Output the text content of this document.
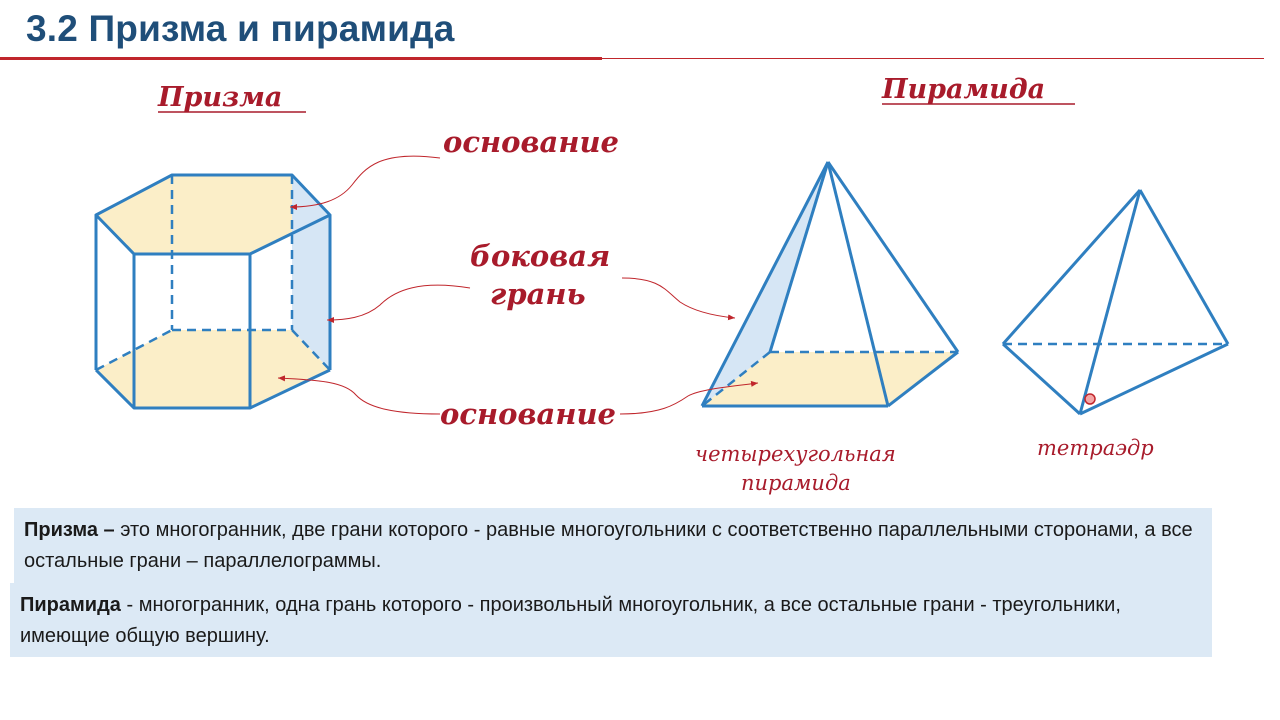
3.2 Призма и пирамида
Призма	Пирамида
основание
боковая
грань
основание
четырехугольная
пирамида
тетраэдр
Призма – это многогранник, две грани которого - равные многоугольники с соответственно параллельными сторонами, а все остальные грани – параллелограммы.
Пирамида - многогранник, одна грань которого - произвольный многоугольник, а все остальные грани - треугольники, имеющие общую вершину.
